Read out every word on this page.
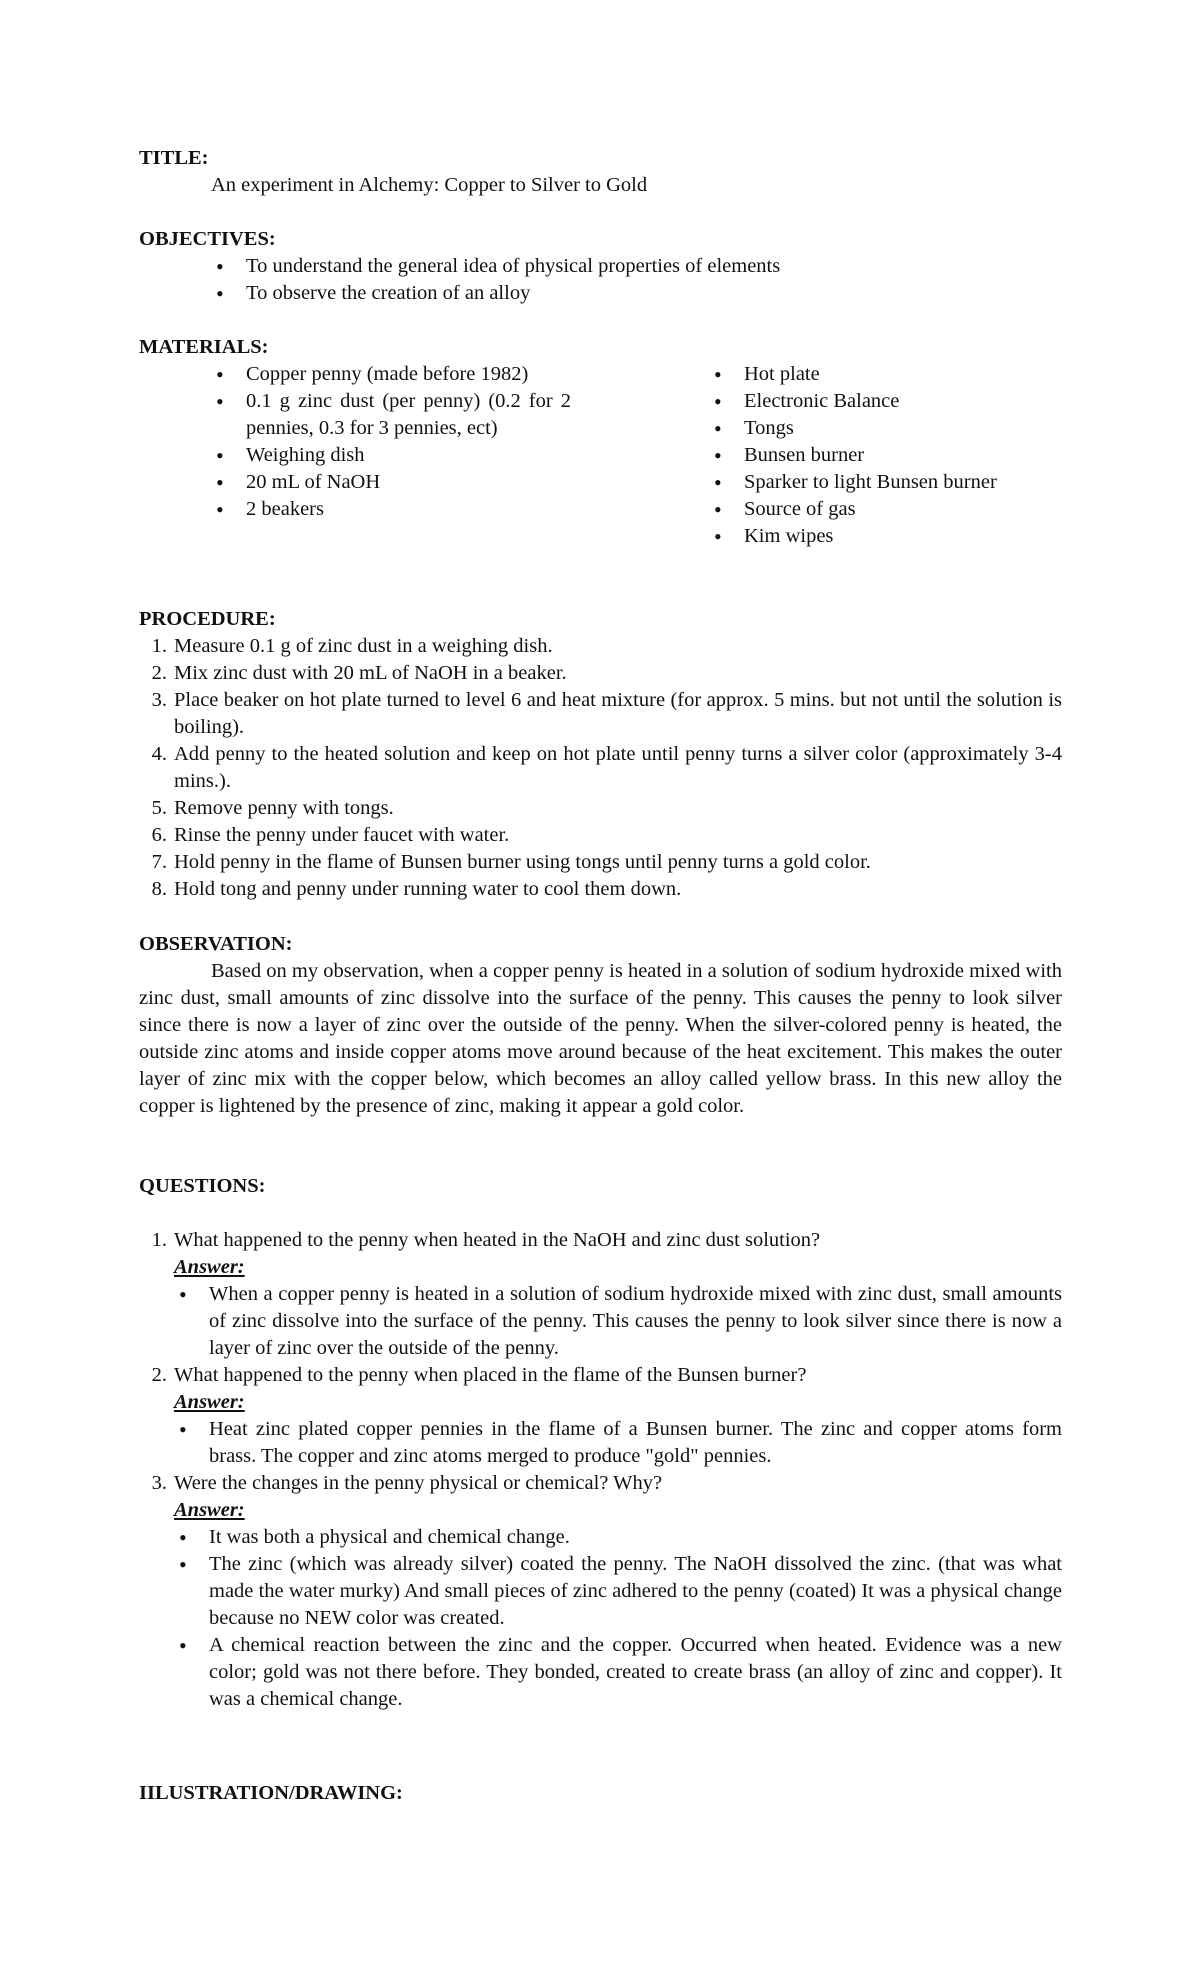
TITLE:
An experiment in Alchemy: Copper to Silver to Gold
OBJECTIVES:
• To understand the general idea of physical properties of elements
• To observe the creation of an alloy
MATERIALS:
• Copper penny (made before 1982)
• 0.1 g zinc dust (per penny) (0.2 for 2 pennies, 0.3 for 3 pennies, ect)
• Weighing dish
• 20 mL of NaOH
• 2 beakers
• Hot plate
• Electronic Balance
• Tongs
• Bunsen burner
• Sparker to light Bunsen burner
• Source of gas
• Kim wipes
PROCEDURE:
1. Measure 0.1 g of zinc dust in a weighing dish.
2. Mix zinc dust with 20 mL of NaOH in a beaker.
3. Place beaker on hot plate turned to level 6 and heat mixture (for approx. 5 mins. but not until the solution is boiling).
4. Add penny to the heated solution and keep on hot plate until penny turns a silver color (approximately 3-4 mins.).
5. Remove penny with tongs.
6. Rinse the penny under faucet with water.
7. Hold penny in the flame of Bunsen burner using tongs until penny turns a gold color.
8. Hold tong and penny under running water to cool them down.
OBSERVATION:

Based on my observation, when a copper penny is heated in a solution of sodium hydroxide mixed with zinc dust, small amounts of zinc dissolve into the surface of the penny. This causes the penny to look silver since there is now a layer of zinc over the outside of the penny. When the silver-colored penny is heated, the outside zinc atoms and inside copper atoms move around because of the heat excitement. This makes the outer layer of zinc mix with the copper below, which becomes an alloy called yellow brass. In this new alloy the copper is lightened by the presence of zinc, making it appear a gold color.

QUESTIONS:
1. What happened to the penny when heated in the NaOH and zinc dust solution?
Answer:
• When a copper penny is heated in a solution of sodium hydroxide mixed with zinc dust, small amounts of zinc dissolve into the surface of the penny. This causes the penny to look silver since there is now a layer of zinc over the outside of the penny.
2. What happened to the penny when placed in the flame of the Bunsen burner?
Answer:
• Heat zinc plated copper pennies in the flame of a Bunsen burner. The zinc and copper atoms form brass. The copper and zinc atoms merged to produce "gold" pennies.
3. Were the changes in the penny physical or chemical? Why?
Answer:
• It was both a physical and chemical change.
• The zinc (which was already silver) coated the penny. The NaOH dissolved the zinc. (that was what made the water murky) And small pieces of zinc adhered to the penny (coated) It was a physical change because no NEW color was created.
• A chemical reaction between the zinc and the copper. Occurred when heated. Evidence was a new color; gold was not there before. They bonded, created to create brass (an alloy of zinc and copper). It was a chemical change.
IILUSTRATION/DRAWING:
